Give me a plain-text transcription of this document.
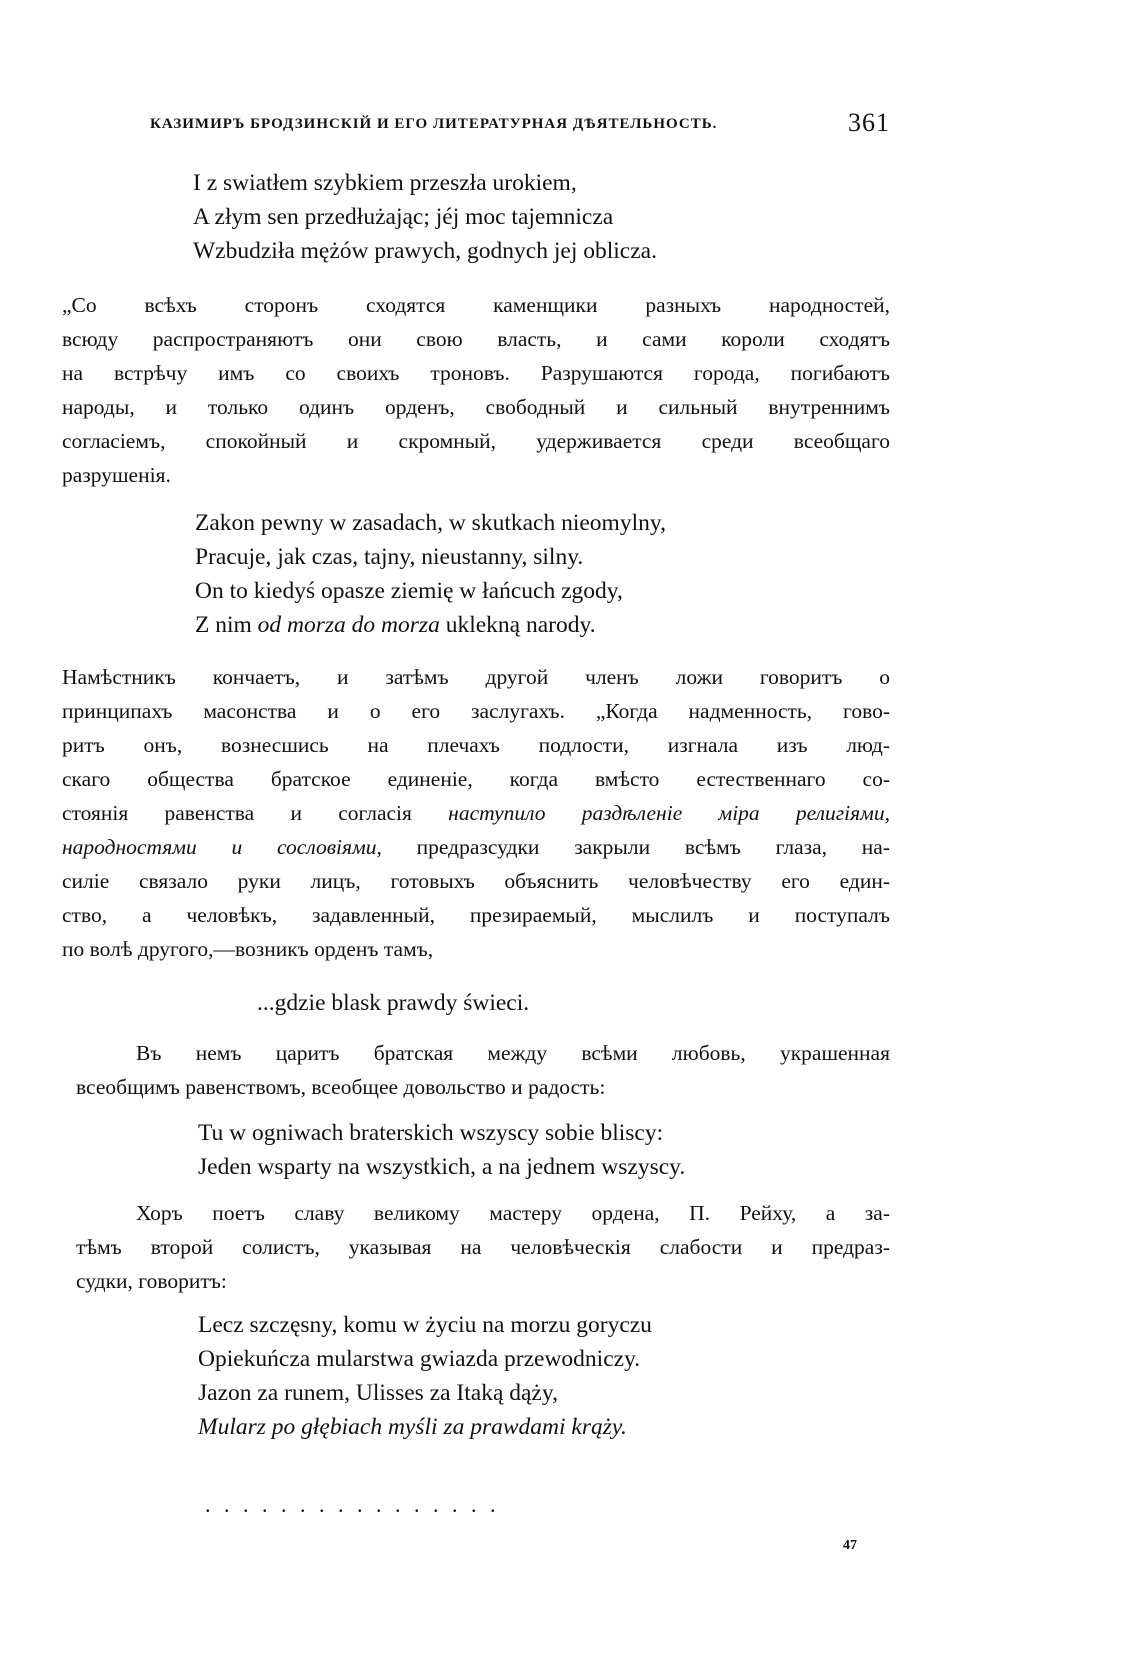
КАЗИМИРЪ БРОДЗИНСКІЙ И ЕГО ЛИТЕРАТУРНАЯ ДѢЯТЕЛЬНОСТЬ.	361
I z swiatłem szybkiem przeszła urokiem,
A złym sen przedłużając; jéj moc tajemnicza
Wzbudziła mężów prawych, godnych jej oblicza.
„Со всѣхъ сторонъ сходятся каменщики разныхъ народностей,
всюду распространяютъ они свою власть, и сами короли сходятъ
на встрѣчу имъ со своихъ троновъ. Разрушаются города, погибаютъ
народы, и только одинъ орденъ, свободный и сильный внутреннимъ
согласіемъ, спокойный и скромный, удерживается среди всеобщаго
разрушенія.
Zakon pewny w zasadach, w skutkach nieomylny,
Pracuje, jak czas, tajny, nieustanny, silny.
On to kiedyś opasze ziemię w łańcuch zgody,
Z nim od morza do morza uklekną narody.
Намѣстникъ кончаетъ, и затѣмъ другой членъ ложи говоритъ о
принципахъ масонства и о его заслугахъ. „Когда надменность, гово-
ритъ онъ, вознесшись на плечахъ подлости, изгнала изъ люд-
скаго общества братское единеніе, когда вмѣсто естественнаго со-
стоянія равенства и согласія наступило раздѣленіе міра религіями,
народностями и сословіями, предразсудки закрыли всѣмъ глаза, на-
силіе связало руки лицъ, готовыхъ объяснить человѣчеству его един-
ство, а человѣкъ, задавленный, презираемый, мыслилъ и поступалъ
по волѣ другого,—возникъ орденъ тамъ,
...gdzie blask prawdy świeci.
Въ немъ царитъ братская между всѣми любовь, украшенная
всеобщимъ равенствомъ, всеобщее довольство и радость:
Tu w ogniwach braterskich wszyscy sobie bliscy:
Jeden wsparty na wszystkich, a na jednem wszyscy.
Хоръ поетъ славу великому мастеру ордена, П. Рейху, а за-
тѣмъ второй солистъ, указывая на человѣческія слабости и предраз-
судки, говоритъ:
Lecz szczęsny, komu w życiu na morzu goryczu
Opiekuńcza mularstwa gwiazda przewodniczy.
Jazon za runem, Ulisses za Itaką dąży,
Mularz po głębiach myśli za prawdami krąży.
................
47
